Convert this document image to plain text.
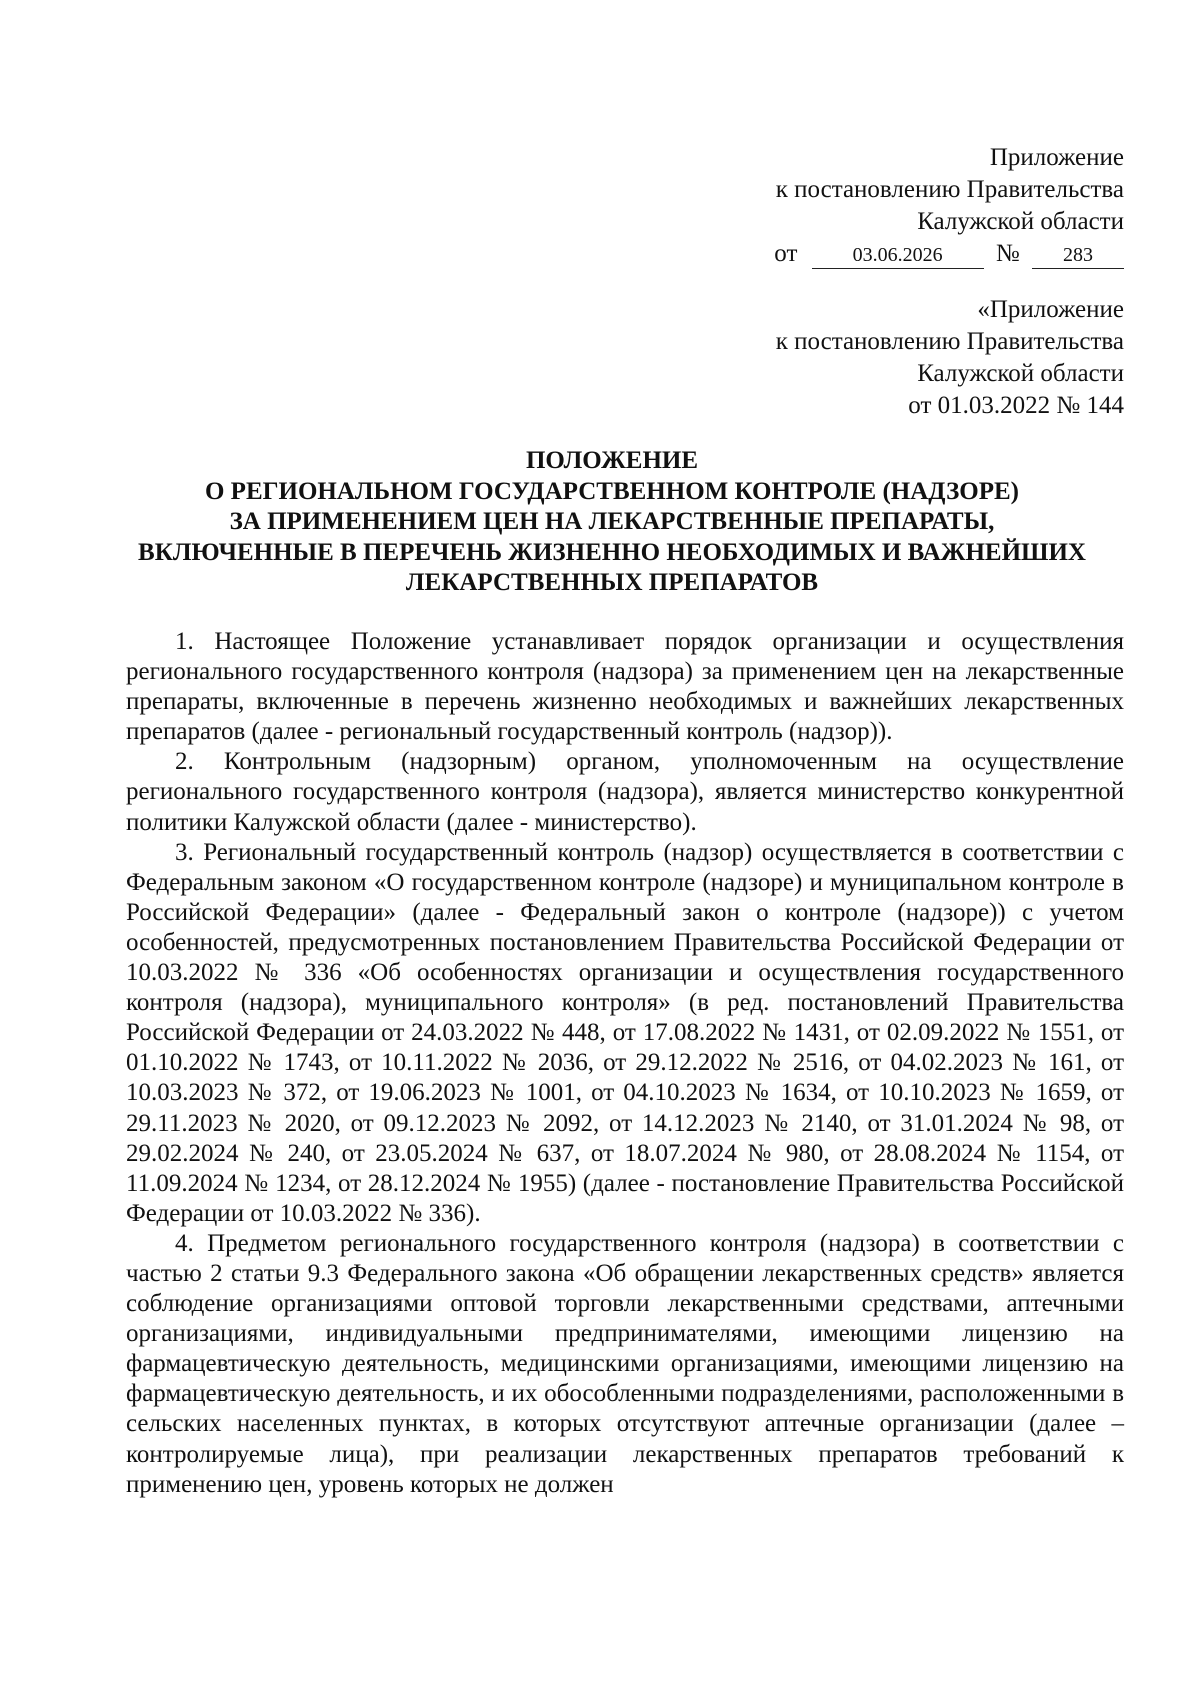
Приложение
к постановлению Правительства
Калужской области
от	03.06.2026 № 283
«Приложение
к постановлению Правительства
Калужской области
от 01.03.2022 № 144
ПОЛОЖЕНИЕ
О РЕГИОНАЛЬНОМ ГОСУДАРСТВЕННОМ КОНТРОЛЕ (НАДЗОРЕ)
ЗА ПРИМЕНЕНИЕМ ЦЕН НА ЛЕКАРСТВЕННЫЕ ПРЕПАРАТЫ,
ВКЛЮЧЕННЫЕ В ПЕРЕЧЕНЬ ЖИЗНЕННО НЕОБХОДИМЫХ И ВАЖНЕЙШИХ
ЛЕКАРСТВЕННЫХ ПРЕПАРАТОВ

1. Настоящее Положение устанавливает порядок организации и осуществления регионального государственного контроля (надзора) за применением цен на лекарственные препараты, включенные в перечень жизненно необходимых и важнейших лекарственных препаратов (далее - региональный государственный контроль (надзор)).

2. Контрольным (надзорным) органом, уполномоченным на осуществление регионального государственного контроля (надзора), является министерство конкурентной политики Калужской области (далее - министерство).

3. Региональный государственный контроль (надзор) осуществляется в соответствии с Федеральным законом «О государственном контроле (надзоре) и муниципальном контроле в Российской Федерации» (далее - Федеральный закон о контроле (надзоре)) с учетом особенностей, предусмотренных постановлением Правительства Российской Федерации от 10.03.2022 № 336 «Об особенностях организации и осуществления государственного контроля (надзора), муниципального контроля» (в ред. постановлений Правительства Российской Федерации от 24.03.2022 № 448, от 17.08.2022 № 1431, от 02.09.2022 № 1551, от 01.10.2022 № 1743, от 10.11.2022 № 2036, от 29.12.2022 № 2516, от 04.02.2023 № 161, от 10.03.2023 № 372, от 19.06.2023 № 1001, от 04.10.2023 № 1634, от 10.10.2023 № 1659, от 29.11.2023 № 2020, от 09.12.2023 № 2092, от 14.12.2023 № 2140, от 31.01.2024 № 98, от 29.02.2024 № 240, от 23.05.2024 № 637, от 18.07.2024 № 980, от 28.08.2024 № 1154, от 11.09.2024 № 1234, от 28.12.2024 № 1955) (далее - постановление Правительства Российской Федерации от 10.03.2022 № 336).

4. Предметом регионального государственного контроля (надзора) в соответствии с частью 2 статьи 9.3 Федерального закона «Об обращении лекарственных средств» является соблюдение организациями оптовой торговли лекарственными средствами, аптечными организациями, индивидуальными предпринимателями, имеющими лицензию на фармацевтическую деятельность, медицинскими организациями, имеющими лицензию на фармацевтическую деятельность, и их обособленными подразделениями, расположенными в сельских населенных пунктах, в которых отсутствуют аптечные организации (далее – контролируемые лица), при реализации лекарственных препаратов требований к применению цен, уровень которых не должен
